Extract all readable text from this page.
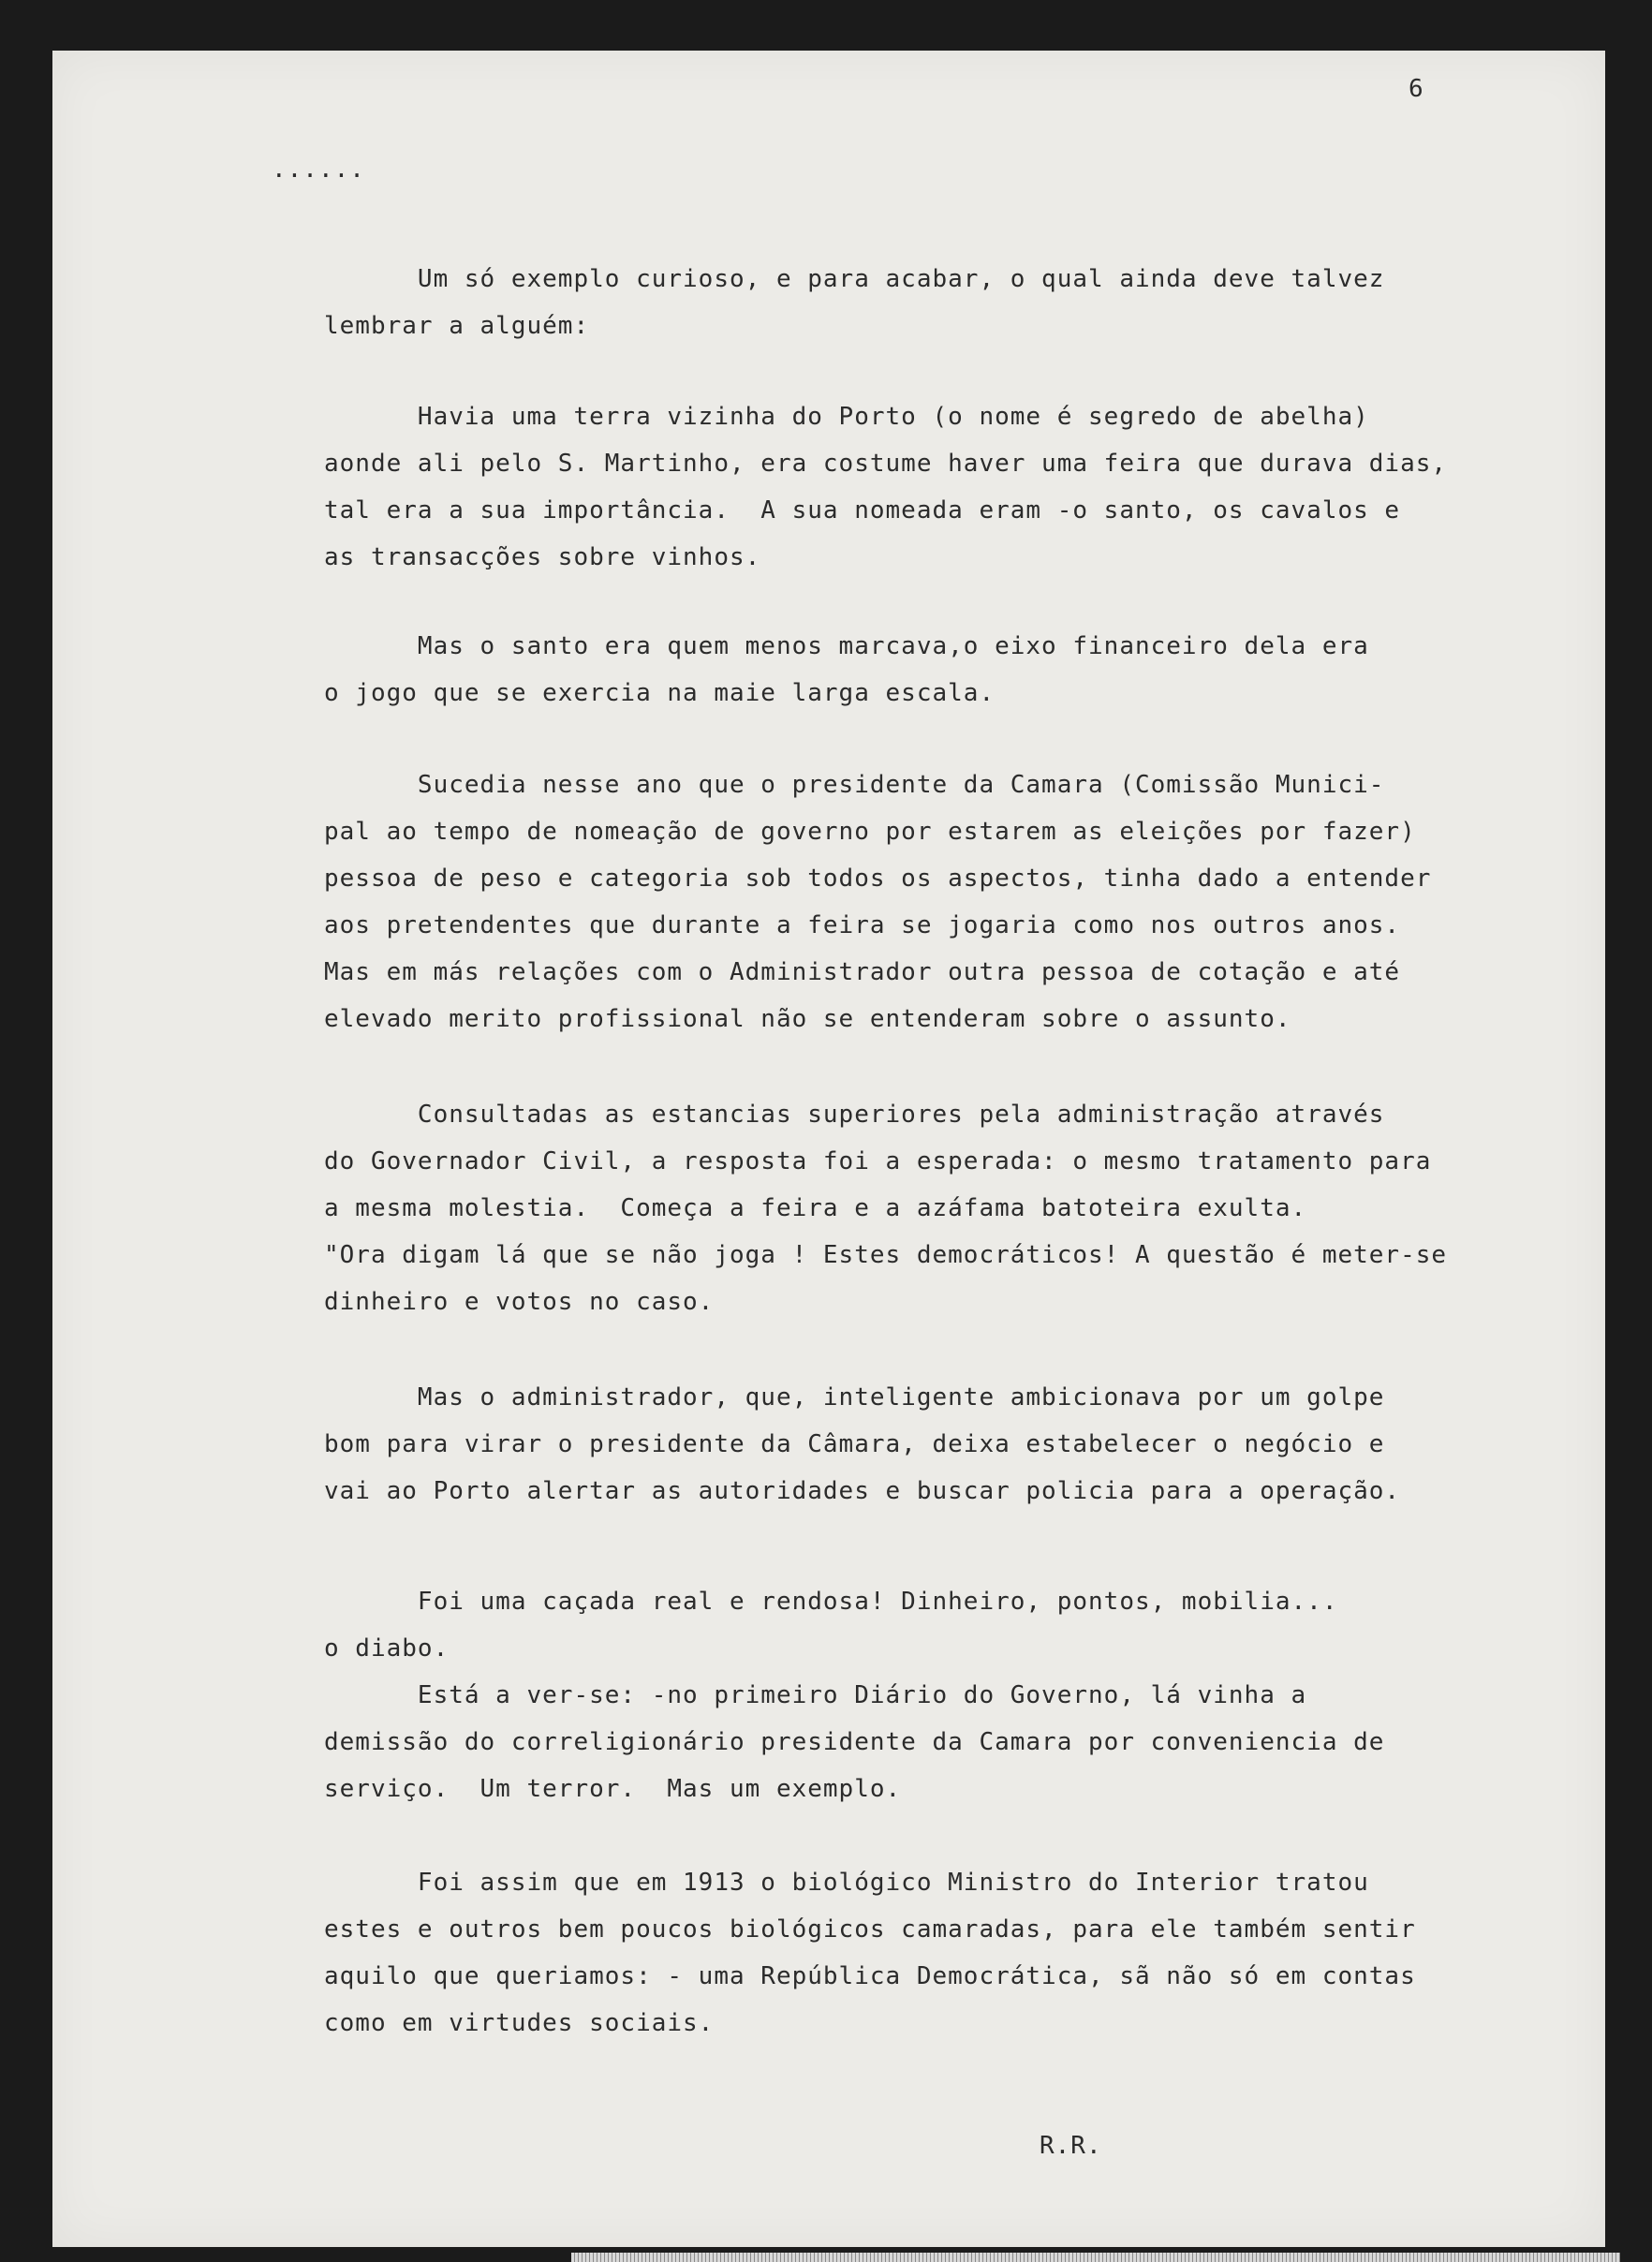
6
......
Um só exemplo curioso, e para acabar, o qual ainda deve talvez
lembrar a alguém:
Havia uma terra vizinha do Porto (o nome é segredo de abelha)
aonde ali pelo S. Martinho, era costume haver uma feira que durava dias,
tal era a sua importância.  A sua nomeada eram -o santo, os cavalos e
as transacções sobre vinhos.
Mas o santo era quem menos marcava,o eixo financeiro dela era
o jogo que se exercia na maie larga escala.
Sucedia nesse ano que o presidente da Camara (Comissão Munici-
pal ao tempo de nomeação de governo por estarem as eleições por fazer)
pessoa de peso e categoria sob todos os aspectos, tinha dado a entender
aos pretendentes que durante a feira se jogaria como nos outros anos.
Mas em más relações com o Administrador outra pessoa de cotação e até
elevado merito profissional não se entenderam sobre o assunto.
Consultadas as estancias superiores pela administração através
do Governador Civil, a resposta foi a esperada: o mesmo tratamento para
a mesma molestia.  Começa a feira e a azáfama batoteira exulta.
"Ora digam lá que se não joga ! Estes democráticos! A questão é meter-se
dinheiro e votos no caso.
Mas o administrador, que, inteligente ambicionava por um golpe
bom para virar o presidente da Câmara, deixa estabelecer o negócio e
vai ao Porto alertar as autoridades e buscar policia para a operação.
Foi uma caçada real e rendosa! Dinheiro, pontos, mobilia...
o diabo.
Está a ver-se: -no primeiro Diário do Governo, lá vinha a
demissão do correligionário presidente da Camara por conveniencia de
serviço.  Um terror.  Mas um exemplo.
Foi assim que em 1913 o biológico Ministro do Interior tratou
estes e outros bem poucos biológicos camaradas, para ele também sentir
aquilo que queriamos: - uma República Democrática, sã não só em contas
como em virtudes sociais.
R.R.
